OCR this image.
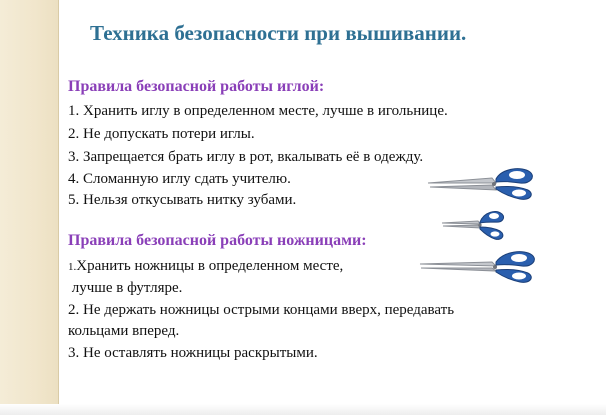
Техника безопасности при вышивании.
Правила безопасной работы иглой:
1. Хранить иглу в определенном месте, лучше в игольнице.
2. Не допускать потери иглы.
3. Запрещается брать иглу в рот, вкалывать её в одежду.
4. Сломанную иглу сдать учителю.
5. Нельзя откусывать нитку зубами.
Правила безопасной работы ножницами:
1.Хранить ножницы в определенном месте,
лучше в футляре.
2. Не держать ножницы острыми концами вверх, передавать
кольцами вперед.
3. Не оставлять ножницы раскрытыми.
